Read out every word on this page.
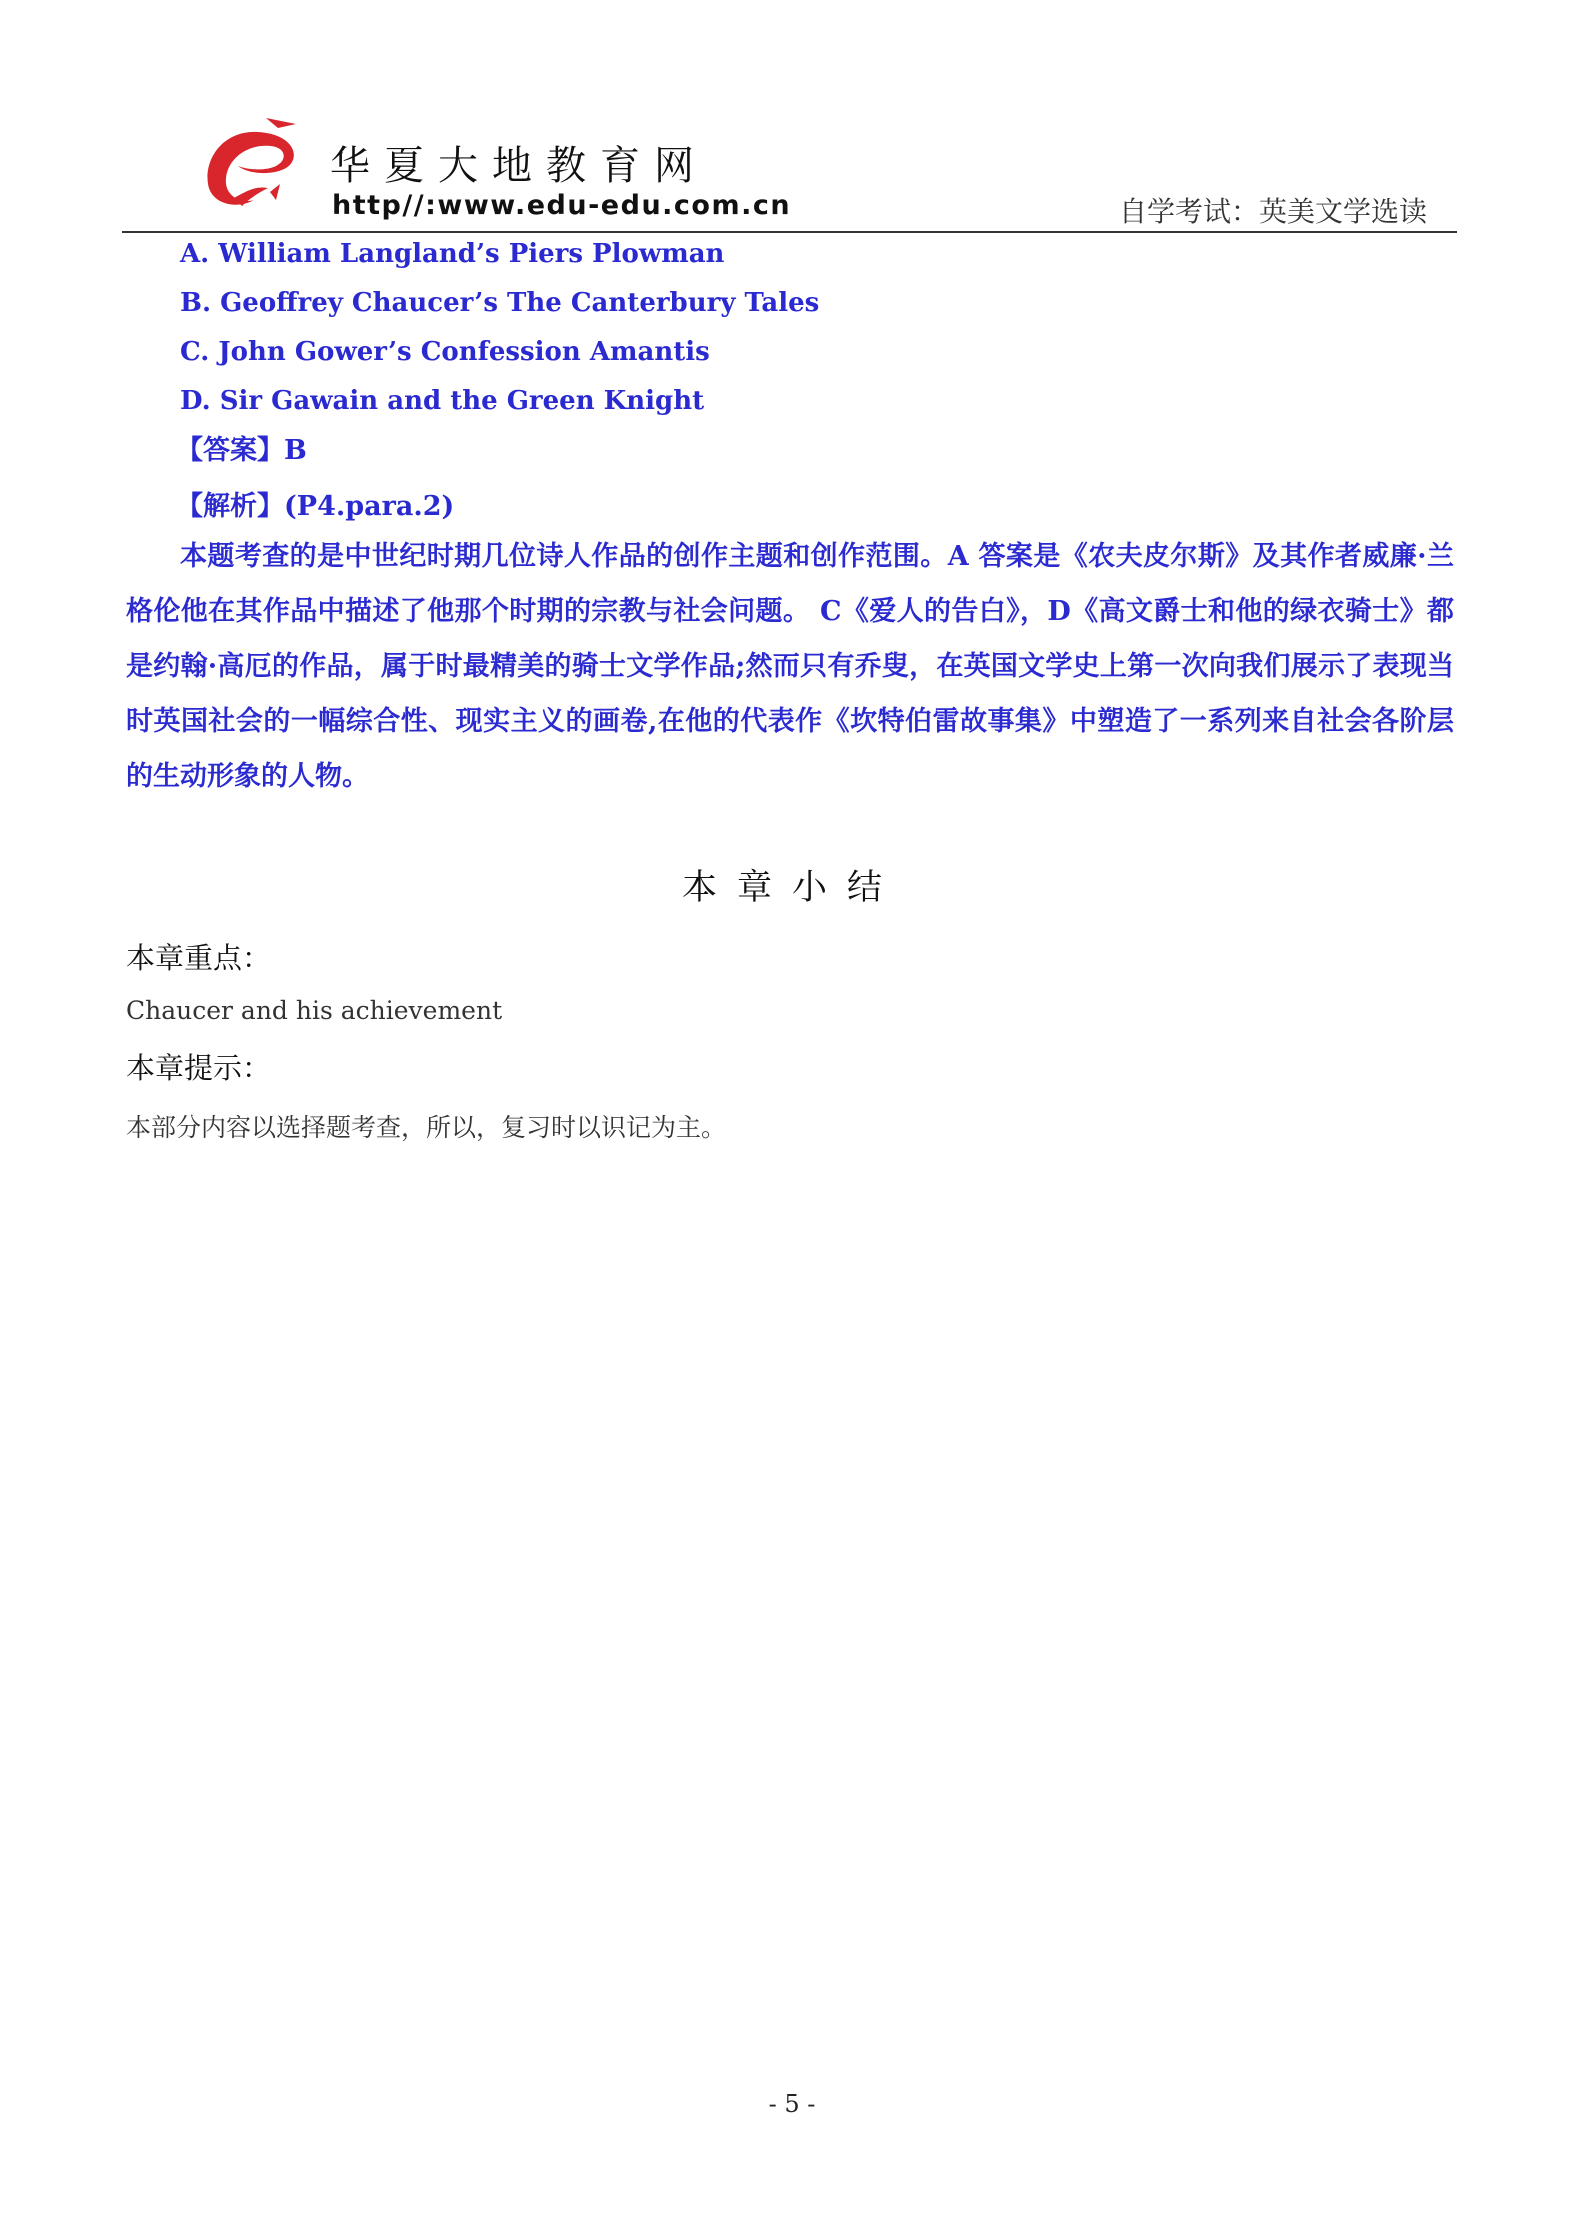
华夏大地教育网
http//:www.edu-edu.com.cn	自学考试：英美文学选读
A. William Langland’s Piers Plowman
B. Geoffrey Chaucer’s The Canterbury Tales
C. John Gower’s Confession Amantis
D. Sir Gawain and the Green Knight
【答案】B
【解析】(P4.para.2)

本题考查的是中世纪时期几位诗人作品的创作主题和创作范围。A 答案是《农夫皮尔斯》及其作者威廉·兰格伦他在其作品中描述了他那个时期的宗教与社会问题。 C《爱人的告白》，D《高文爵士和他的绿衣骑士》都是约翰·高厄的作品，属于时最精美的骑士文学作品;然而只有乔叟，在英国文学史上第一次向我们展示了表现当时英国社会的一幅综合性、现实主义的画卷,在他的代表作《坎特伯雷故事集》中塑造了一系列来自社会各阶层的生动形象的人物。

本章小结
本章重点：
Chaucer and his achievement
本章提示：
本部分内容以选择题考查，所以，复习时以识记为主。
- 5 -
